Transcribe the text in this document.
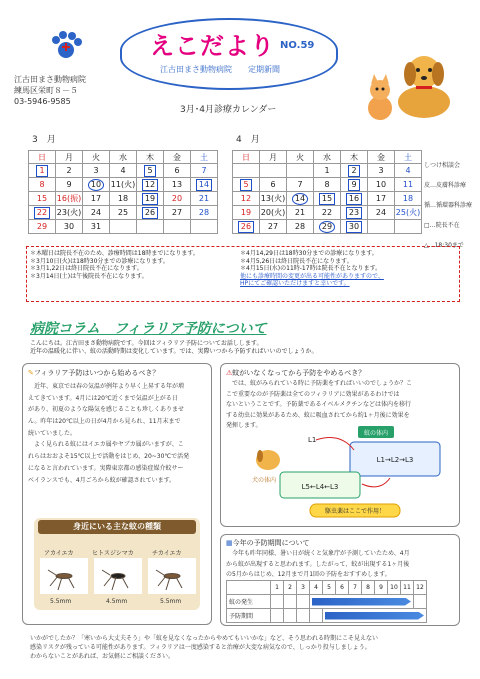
江古田まさ動物病院
練馬区栄町８－５
03-5946-9585
えこだより NO.59
江古田まさ動物病院　　定期新聞
3月･4月診療カレンダー
3　月
日	月	火	水	木	金	土
1	2	3	4	5	6	7
8	9	10	11(火)	12	13	14
15	16(振)	17	18	19	20	21
22	23(火)	24	25	26	27	28
29	30	31				
4　月
日	月	火	水	木	金	土
			1	2	3	4
5	6	7	8	9	10	11
12	13(火)	14	15	16	17	18
19	20(火)	21	22	23	24	25(火)
26	27	28	29	30		
しつけ相談会
皮…皮膚科診療
循…循環器科診療
□…院長不在
△…18:30まで
＊木曜日は院長不在のため、診療時間は18時までになります。
＊3月10日(火)は18時30分までの診療になります。
＊3月1,22日は終日院長不在になります。
＊3月14日(土)は午後院長不在になります。
＊4月14,29日は18時30分までの診療になります。
＊4月5,26日は終日院長不在になります。
＊4月15日(水)の11時-17時は院長不在となります。
他にも診療時間の変更が出る可能性がありますので、
HPにてご確認いただけますと幸いです。
病院コラム　フィラリア予防について
こんにちは。江古田まさ動物病院です。今回はフィラリア予防についてお話しします。
近年の温暖化に伴い、蚊の活動時期は変化しています。では、実際いつから予防すればいいのでしょうか。
✎フィラリア予防はいつから始めるべき？
　近年、東京では春の気温が例年より早く上昇する年が増
えてきています。4月には20℃近くまで気温が上がる日
があり、初夏のような陽気を感じることも珍しくありませ
ん。昨年は20℃以上の日が4月から見られ、11月末まで
続いていました。
　よく見られる蚊にはイエカ属やヤブカ属がいますが、こ
れらはおおよそ15℃以上で活動をはじめ、20~30℃で活発
になると言われています。実際東京都の感染症媒介蚊サー
ベイランスでも、4月ごろから蚊が確認されています。
身近にいる主な蚊の種類
アカイエカ	ヒトスジシマカ	チカイエカ
5.5mm	4.5mm	5.5mm
⚠蚊がいなくなってから予防をやめるべき？
　では、蚊がみられている時に予防薬をすればいいのでしょうか？こ
こで重要なのが予防薬は全てのフィラリアに効果があるわけでは
ないということです。予防薬であるイベルメクチンなどは体内を移行
する幼虫に効果があるため、蚊に吸血されてから約1ヶ月後に効果を
発揮します。
蚊の体内
L1→L2→L3
L5←L4←L3
L1
犬の体内
駆虫薬はここで作用！
▦今年の予防期間について
　今年も昨年同様、暑い日が続くと気象庁が予測していたため、4月
から蚊が出現すると思われます。したがって、蚊が出現する1ヶ月後
の5月からはじめ、12月まで月1回の予防をおすすめします。
	1	2	3	4	5	6	7	8	9	10	11	12
蚊の発生											

予防期間												
いかがでしたか？「寒いから大丈夫そう」や「蚊を見なくなったからやめてもいいかな」など、そう思われる時期にこそ見えない
感染リスクが残っている可能性があります。フィラリアは一度感染すると治療が大変な病気なので、しっかり投与しましょう。
わからないことがあれば、お気軽にご相談ください。
